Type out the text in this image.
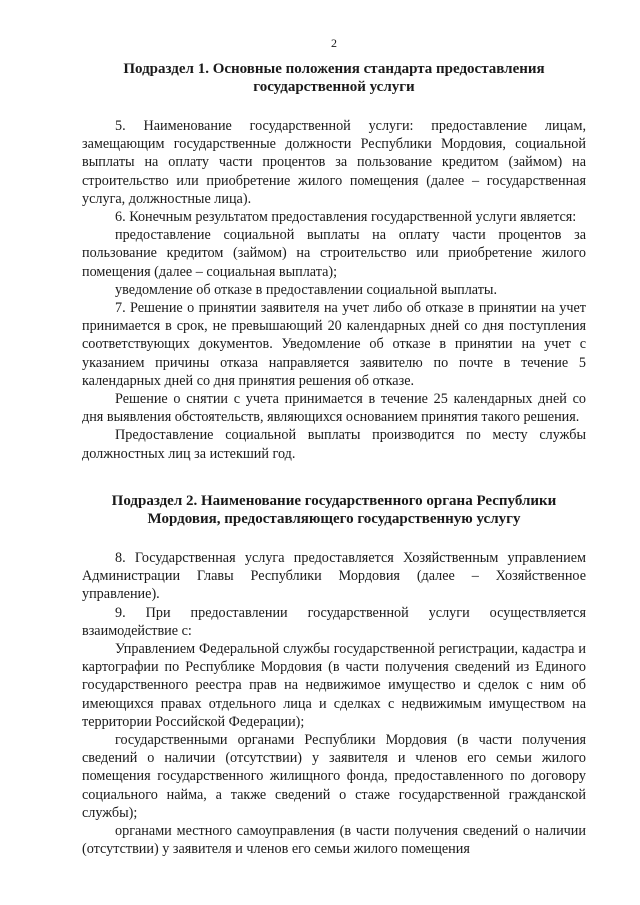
2
Подраздел 1. Основные положения стандарта предоставления
государственной услуги

5. Наименование государственной услуги: предоставление лицам, замещающим государственные должности Республики Мордовия, социальной выплаты на оплату части процентов за пользование кредитом (займом) на строительство или приобретение жилого помещения (далее – государственная услуга, должностные лица).

6. Конечным результатом предоставления государственной услуги является:

предоставление социальной выплаты на оплату части процентов за пользование кредитом (займом) на строительство или приобретение жилого помещения (далее – социальная выплата);

уведомление об отказе в предоставлении социальной выплаты.

7. Решение о принятии заявителя на учет либо об отказе в принятии на учет принимается в срок, не превышающий 20 календарных дней со дня поступления соответствующих документов. Уведомление об отказе в принятии на учет с указанием причины отказа направляется заявителю по почте в течение 5 календарных дней со дня принятия решения об отказе.

Решение о снятии с учета принимается в течение 25 календарных дней со дня выявления обстоятельств, являющихся основанием принятия такого решения.

Предоставление социальной выплаты производится по месту службы должностных лиц за истекший год.

Подраздел 2. Наименование государственного органа Республики
Мордовия, предоставляющего государственную услугу

8. Государственная услуга предоставляется Хозяйственным управлением Администрации Главы Республики Мордовия (далее – Хозяйственное управление).

9. При предоставлении государственной услуги осуществляется взаимодействие с:

Управлением Федеральной службы государственной регистрации, кадастра и картографии по Республике Мордовия (в части получения сведений из Единого государственного реестра прав на недвижимое имущество и сделок с ним об имеющихся правах отдельного лица и сделках с недвижимым имуществом на территории Российской Федерации);

государственными органами Республики Мордовия (в части получения сведений о наличии (отсутствии) у заявителя и членов его семьи жилого помещения государственного жилищного фонда, предоставленного по договору социального найма, а также сведений о стаже государственной гражданской службы);

органами местного самоуправления (в части получения сведений о наличии (отсутствии) у заявителя и членов его семьи жилого помещения
